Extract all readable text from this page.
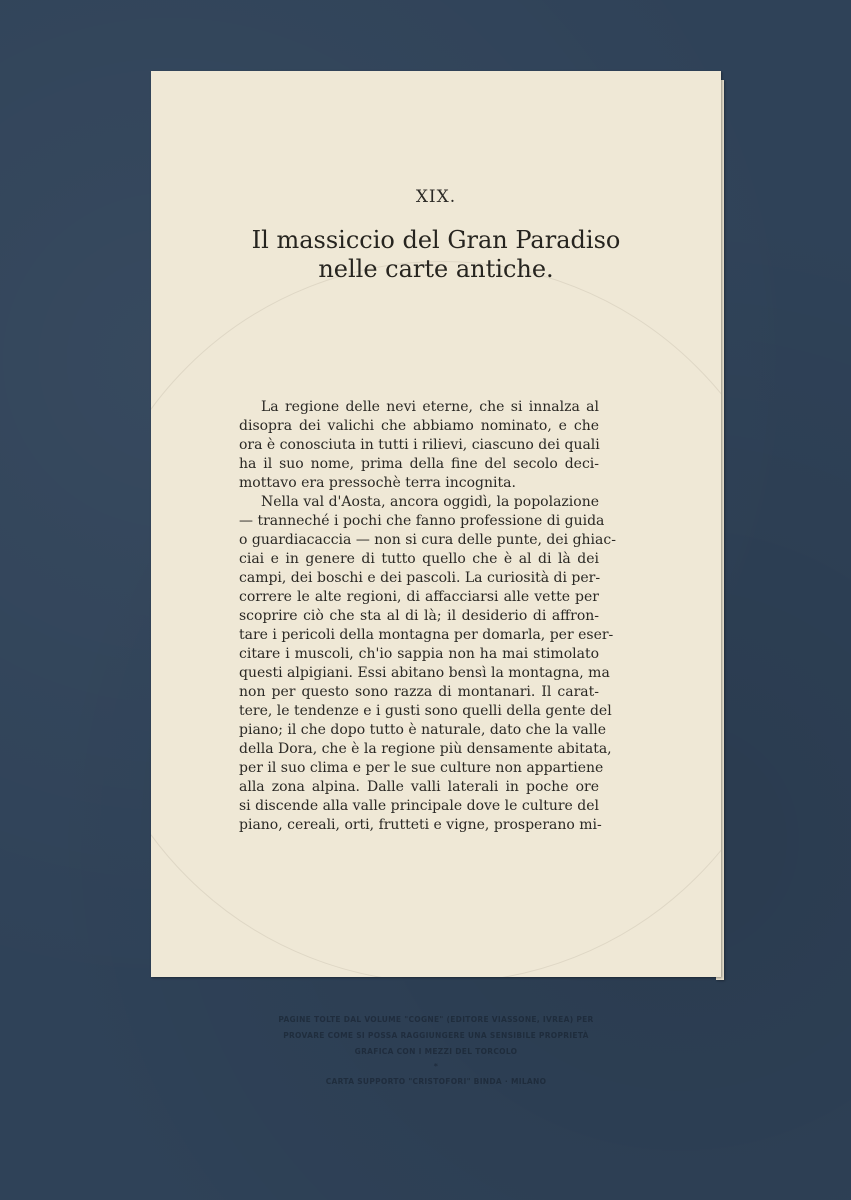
XIX.
Il massiccio del Gran Paradiso
nelle carte antiche.

La regione delle nevi eterne, che si innalza al
disopra dei valichi che abbiamo nominato, e che
ora è conosciuta in tutti i rilievi, ciascuno dei quali
ha il suo nome, prima della fine del secolo deci-
mottavo era pressochè terra incognita.

Nella val d'Aosta, ancora oggidì, la popolazione
— tranneché i pochi che fanno professione di guida
o guardiacaccia — non si cura delle punte, dei ghiac-
ciai e in genere di tutto quello che è al di là dei
campi, dei boschi e dei pascoli. La curiosità di per-
correre le alte regioni, di affacciarsi alle vette per
scoprire ciò che sta al di là; il desiderio di affron-
tare i pericoli della montagna per domarla, per eser-
citare i muscoli, ch'io sappia non ha mai stimolato
questi alpigiani. Essi abitano bensì la montagna, ma
non per questo sono razza di montanari. Il carat-
tere, le tendenze e i gusti sono quelli della gente del
piano; il che dopo tutto è naturale, dato che la valle
della Dora, che è la regione più densamente abitata,
per il suo clima e per le sue culture non appartiene
alla zona alpina. Dalle valli laterali in poche ore
si discende alla valle principale dove le culture del
piano, cereali, orti, frutteti e vigne, prosperano mi-

PAGINE TOLTE DAL VOLUME "COGNE" (EDITORE VIASSONE, IVREA) PER
PROVARE COME SI POSSA RAGGIUNGERE UNA SENSIBILE PROPRIETÀ
GRAFICA CON I MEZZI DEL TORCOLO
*
CARTA SUPPORTO "CRISTOFORI" BINDA · MILANO
